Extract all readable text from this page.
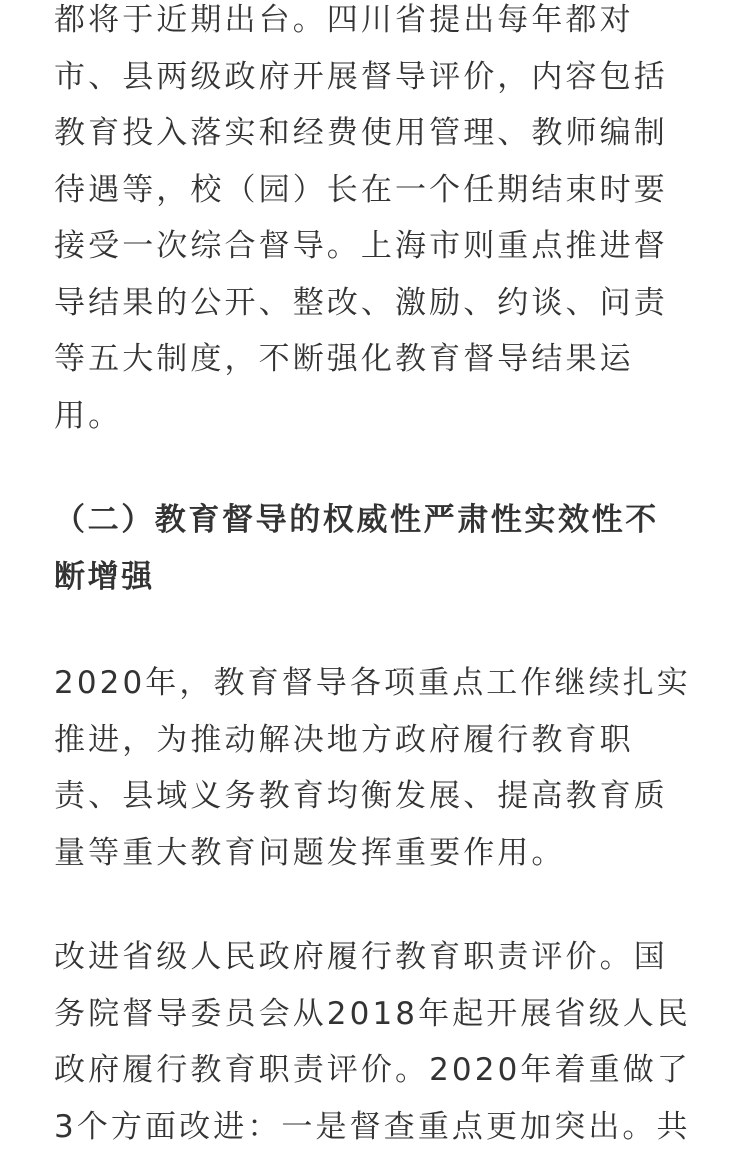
都将于近期出台。四川省提出每年都对
市、县两级政府开展督导评价，内容包括
教育投入落实和经费使用管理、教师编制
待遇等，校（园）长在一个任期结束时要
接受一次综合督导。上海市则重点推进督
导结果的公开、整改、激励、约谈、问责
等五大制度，不断强化教育督导结果运
用。

（二）教育督导的权威性严肃性实效性不
断增强

2020年，教育督导各项重点工作继续扎实
推进，为推动解决地方政府履行教育职
责、县域义务教育均衡发展、提高教育质
量等重大教育问题发挥重要作用。

改进省级人民政府履行教育职责评价。国
务院督导委员会从2018年起开展省级人民
政府履行教育职责评价。2020年着重做了
3个方面改进：一是督查重点更加突出。共
